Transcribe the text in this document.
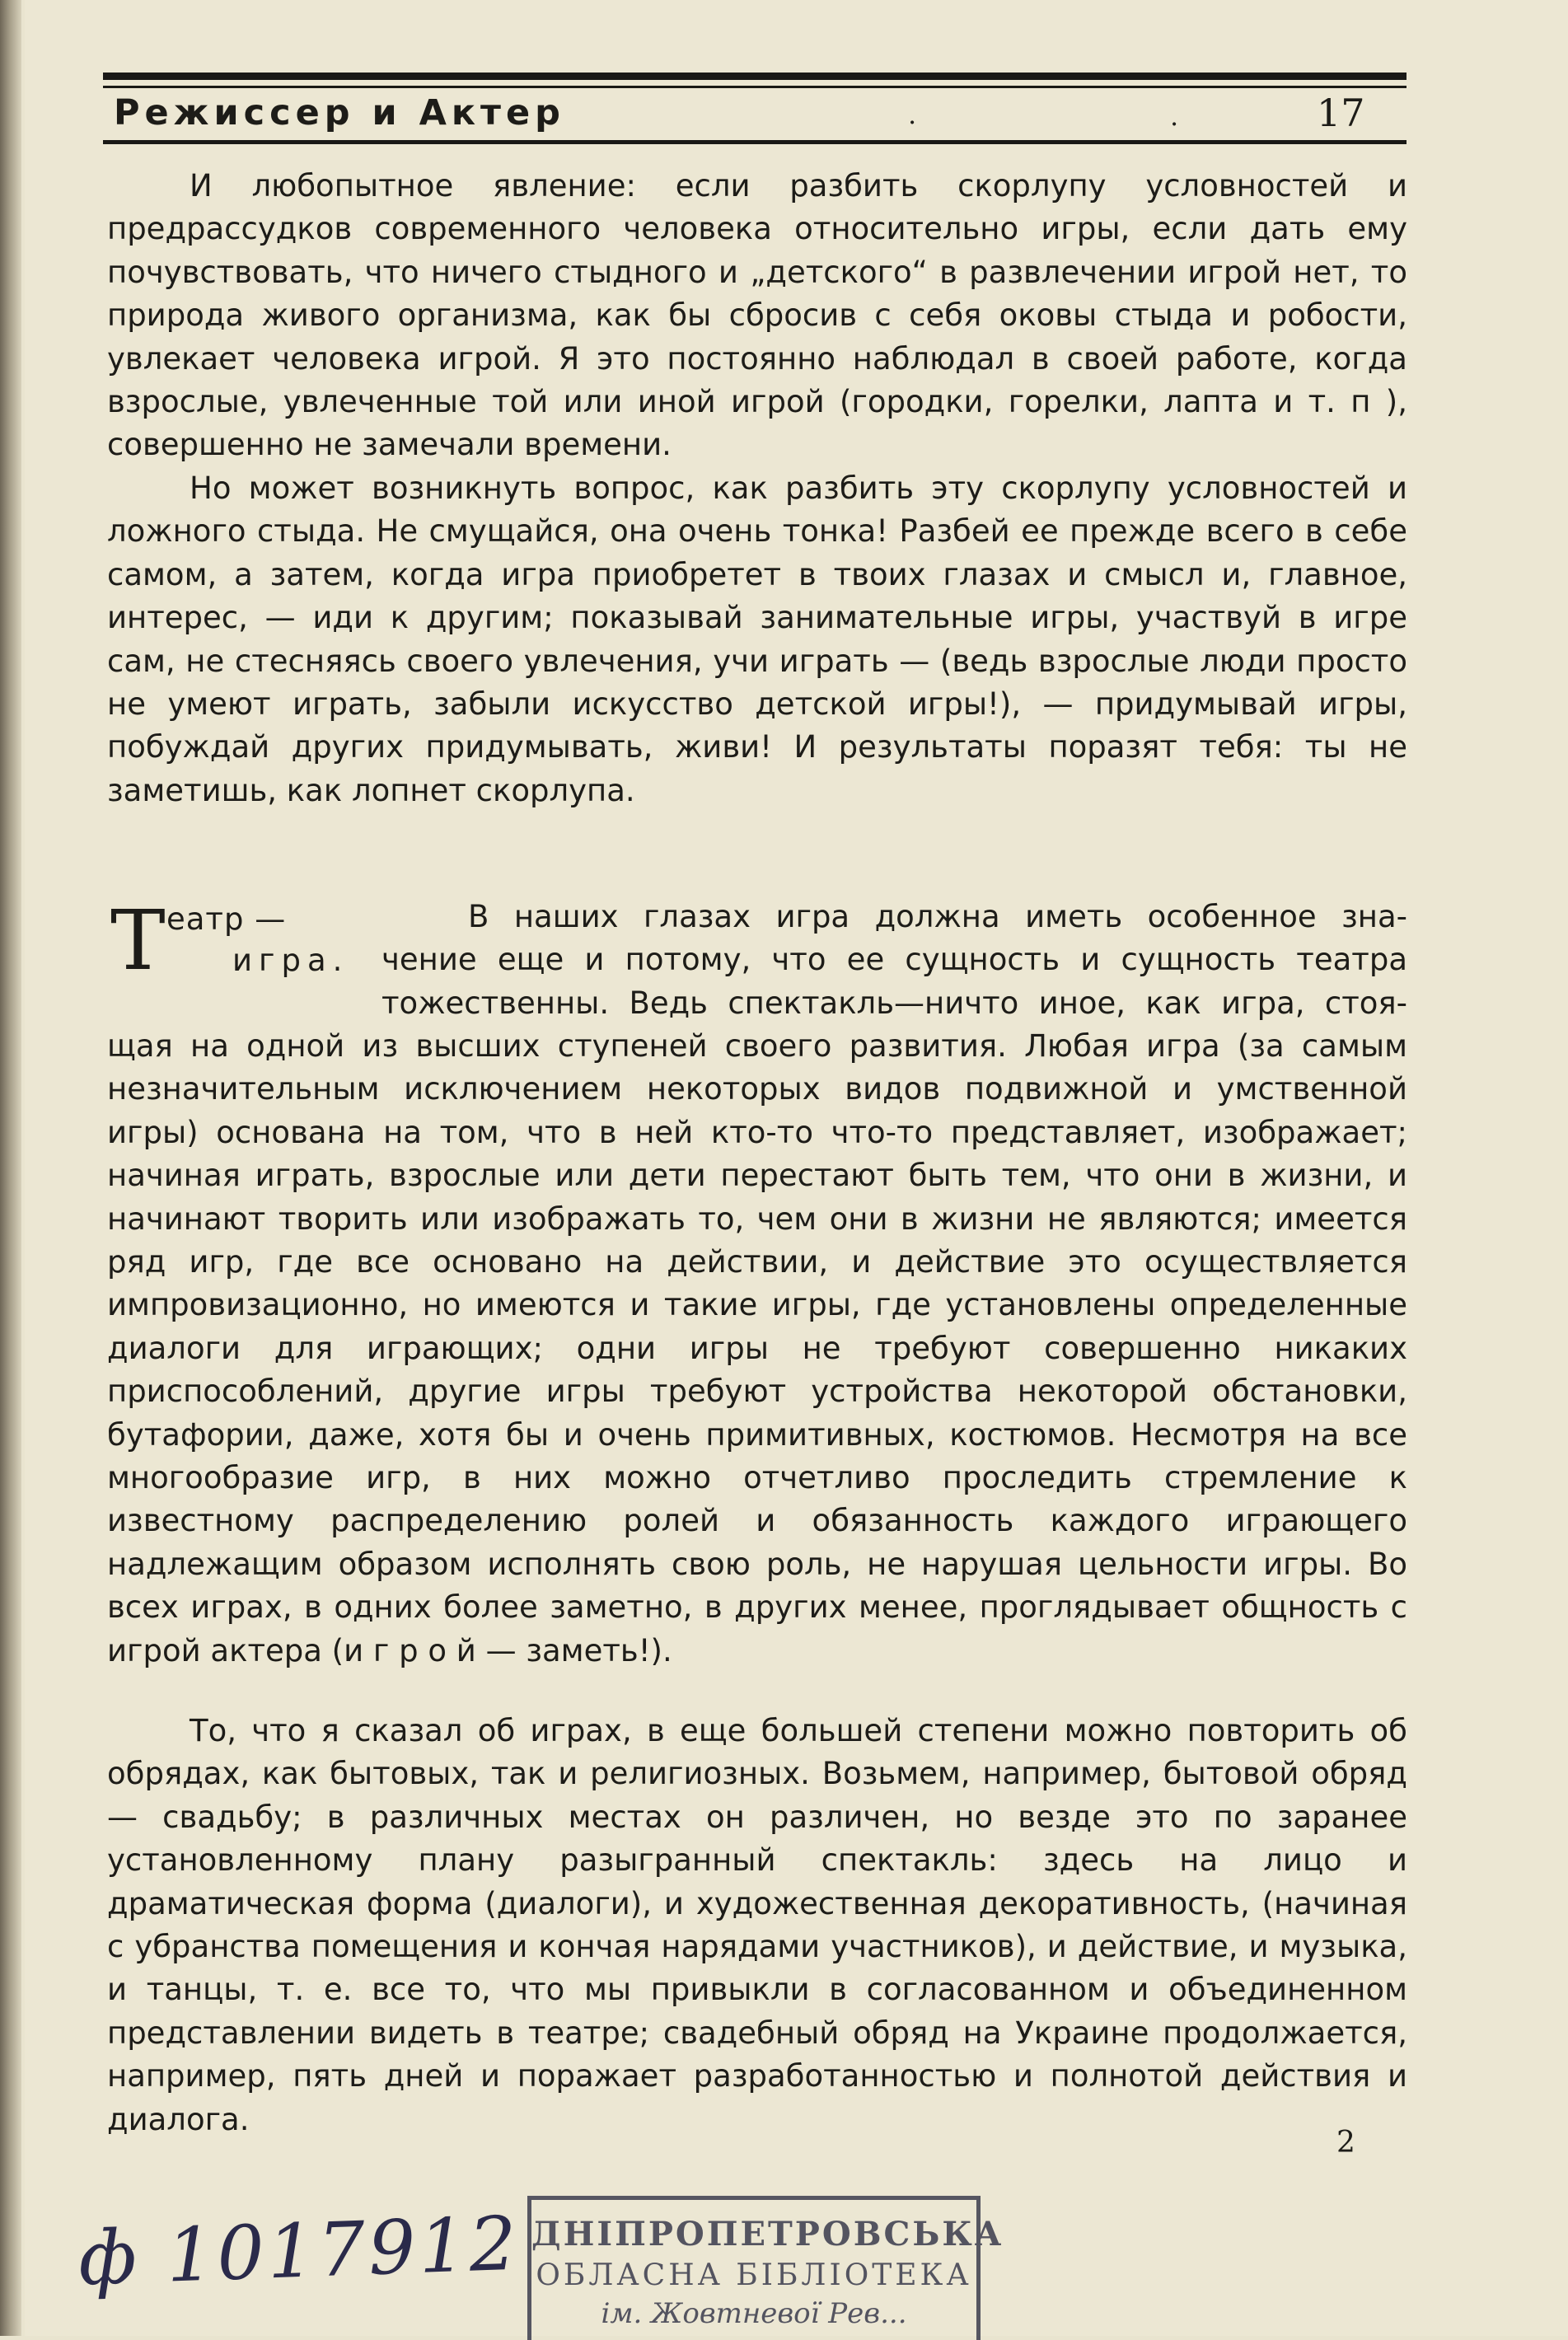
Режиссер и Актер	.	.	17

И любопытное явление: если разбить скорлупу условностей и предрассудков современного человека относительно игры, если дать ему почувствовать, что ничего стыдного и „детского“ в развлечении игрой нет, то природа живого организма, как бы сбросив с себя оковы стыда и робости, увлекает человека игрой. Я это постоянно наблюдал в своей работе, когда взрослые, увлеченные той или иной игрой (городки, горелки, лапта и т. п ), совершенно не замечали времени.

Но может возникнуть вопрос, как разбить эту скорлупу условностей и ложного стыда. Не смущайся, она очень тонка! Разбей ее прежде всего в себе самом, а затем, когда игра приобретет в твоих глазах и смысл и, главное, интерес, — иди к другим; показывай занимательные игры, участвуй в игре сам, не стесняясь своего увлечения, учи играть — (ведь взрослые люди просто не умеют играть, забыли искусство детской игры!), — придумывай игры, побуждай других придумывать, живи! И результаты поразят тебя: ты не заметишь, как лопнет скорлупа.

Т еатр —
игра.
В наших глазах игра должна иметь особенное зна-
чение еще и потому, что ее сущность и сущность театра
тожественны. Ведь спектакль—ничто иное, как игра, стоя-

щая на одной из высших ступеней своего развития. Любая игра (за самым незначительным исключением некоторых видов подвижной и умственной игры) основана на том, что в ней кто-то что-то представляет, изображает; начиная играть, взрослые или дети перестают быть тем, что они в жизни, и начинают творить или изображать то, чем они в жизни не являются; имеется ряд игр, где все основано на действии, и действие это осуществляется импровизационно, но имеются и такие игры, где установлены определенные диалоги для играющих; одни игры не требуют совершенно никаких приспособлений, другие игры требуют устройства некоторой обстановки, бутафории, даже, хотя бы и очень примитивных, костюмов. Несмотря на все многообразие игр, в них можно отчетливо проследить стремление к известному распределению ролей и обязанность каждого играющего надлежащим образом исполнять свою роль, не нарушая цельности игры. Во всех играх, в одних более заметно, в других менее, проглядывает общность с игрой актера (и г р о й — заметь!).

То, что я сказал об играх, в еще большей степени можно повторить об обрядах, как бытовых, так и религиозных. Возьмем, например, бытовой обряд — свадьбу; в различных местах он различен, но везде это по заранее установленному плану разыгранный спектакль: здесь на лицо и драматическая форма (диалоги), и художественная декоративность, (начиная с убранства помещения и кончая нарядами участников), и действие, и музыка, и танцы, т. е. все то, что мы привыкли в согласованном и объединенном представлении видеть в театре; свадебный обряд на Украине продолжается, например, пять дней и поражает разработанностью и полнотой действия и диалога.

2
ф 1017912 ДНІПРОПЕТРОВСЬКА
ОБЛАСНА БІБЛІОТЕКА
ім. Жовтневої Рев...
